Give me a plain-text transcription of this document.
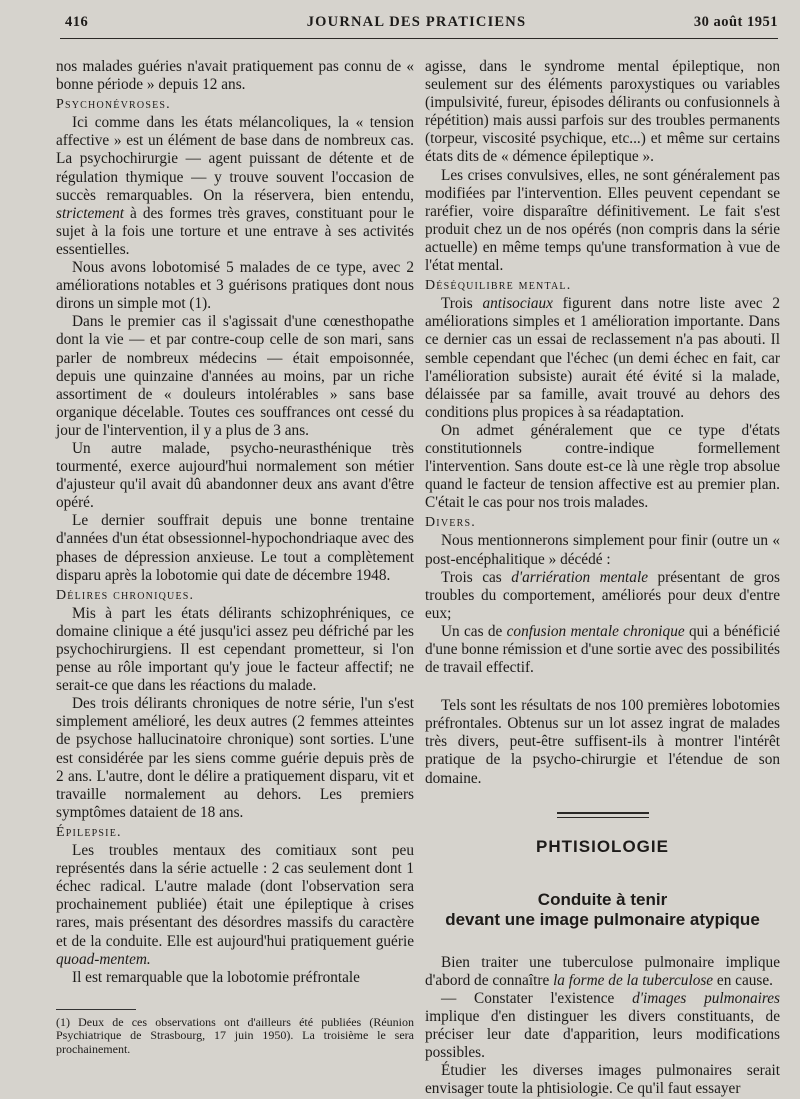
416	JOURNAL DES PRATICIENS	30 août 1951

nos malades guéries n'avait pratiquement pas connu de « bonne période » depuis 12 ans.

Psychonévroses.

Ici comme dans les états mélancoliques, la « tension affective » est un élément de base dans de nombreux cas. La psychochirurgie — agent puissant de détente et de régulation thymique — y trouve souvent l'occasion de succès remarquables. On la réservera, bien entendu, strictement à des formes très graves, constituant pour le sujet à la fois une torture et une entrave à ses activités essentielles.

Nous avons lobotomisé 5 malades de ce type, avec 2 améliorations notables et 3 guérisons pratiques dont nous dirons un simple mot (1).

Dans le premier cas il s'agissait d'une cœnesthopathe dont la vie — et par contre-coup celle de son mari, sans parler de nombreux médecins — était empoisonnée, depuis une quinzaine d'années au moins, par un riche assortiment de « douleurs intolérables » sans base organique décelable. Toutes ces souffrances ont cessé du jour de l'intervention, il y a plus de 3 ans.

Un autre malade, psycho-neurasthénique très tourmenté, exerce aujourd'hui normalement son métier d'ajusteur qu'il avait dû abandonner deux ans avant d'être opéré.

Le dernier souffrait depuis une bonne trentaine d'années d'un état obsessionnel-hypochondriaque avec des phases de dépression anxieuse. Le tout a complètement disparu après la lobotomie qui date de décembre 1948.

Délires chroniques.

Mis à part les états délirants schizophréniques, ce domaine clinique a été jusqu'ici assez peu défriché par les psychochirurgiens. Il est cependant prometteur, si l'on pense au rôle important qu'y joue le facteur affectif; ne serait-ce que dans les réactions du malade.

Des trois délirants chroniques de notre série, l'un s'est simplement amélioré, les deux autres (2 femmes atteintes de psychose hallucinatoire chronique) sont sorties. L'une est considérée par les siens comme guérie depuis près de 2 ans. L'autre, dont le délire a pratiquement disparu, vit et travaille normalement au dehors. Les premiers symptômes dataient de 18 ans.

Épilepsie.

Les troubles mentaux des comitiaux sont peu représentés dans la série actuelle : 2 cas seulement dont 1 échec radical. L'autre malade (dont l'observation sera prochainement publiée) était une épileptique à crises rares, mais présentant des désordres massifs du caractère et de la conduite. Elle est aujourd'hui pratiquement guérie quoad-mentem.

Il est remarquable que la lobotomie préfrontale

(1) Deux de ces observations ont d'ailleurs été publiées (Réunion Psychiatrique de Strasbourg, 17 juin 1950). La troisième le sera prochainement.

agisse, dans le syndrome mental épileptique, non seulement sur des éléments paroxystiques ou variables (impulsivité, fureur, épisodes délirants ou confusionnels à répétition) mais aussi parfois sur des troubles permanents (torpeur, viscosité psychique, etc...) et même sur certains états dits de « démence épileptique ».

Les crises convulsives, elles, ne sont généralement pas modifiées par l'intervention. Elles peuvent cependant se raréfier, voire disparaître définitivement. Le fait s'est produit chez un de nos opérés (non compris dans la série actuelle) en même temps qu'une transformation à vue de l'état mental.

Déséquilibre mental.

Trois antisociaux figurent dans notre liste avec 2 améliorations simples et 1 amélioration importante. Dans ce dernier cas un essai de reclassement n'a pas abouti. Il semble cependant que l'échec (un demi échec en fait, car l'amélioration subsiste) aurait été évité si la malade, délaissée par sa famille, avait trouvé au dehors des conditions plus propices à sa réadaptation.

On admet généralement que ce type d'états constitutionnels contre-indique formellement l'intervention. Sans doute est-ce là une règle trop absolue quand le facteur de tension affective est au premier plan. C'était le cas pour nos trois malades.

Divers.

Nous mentionnerons simplement pour finir (outre un « post-encéphalitique » décédé :

Trois cas d'arriération mentale présentant de gros troubles du comportement, améliorés pour deux d'entre eux;

Un cas de confusion mentale chronique qui a bénéficié d'une bonne rémission et d'une sortie avec des possibilités de travail effectif.

Tels sont les résultats de nos 100 premières lobotomies préfrontales. Obtenus sur un lot assez ingrat de malades très divers, peut-être suffisent-ils à montrer l'intérêt pratique de la psycho-chirurgie et l'étendue de son domaine.

PHTISIOLOGIE
Conduite à tenir
devant une image pulmonaire atypique

Bien traiter une tuberculose pulmonaire implique d'abord de connaître la forme de la tuberculose en cause.

— Constater l'existence d'images pulmonaires implique d'en distinguer les divers constituants, de préciser leur date d'apparition, leurs modifications possibles.

Étudier les diverses images pulmonaires serait envisager toute la phtisiologie. Ce qu'il faut essayer
